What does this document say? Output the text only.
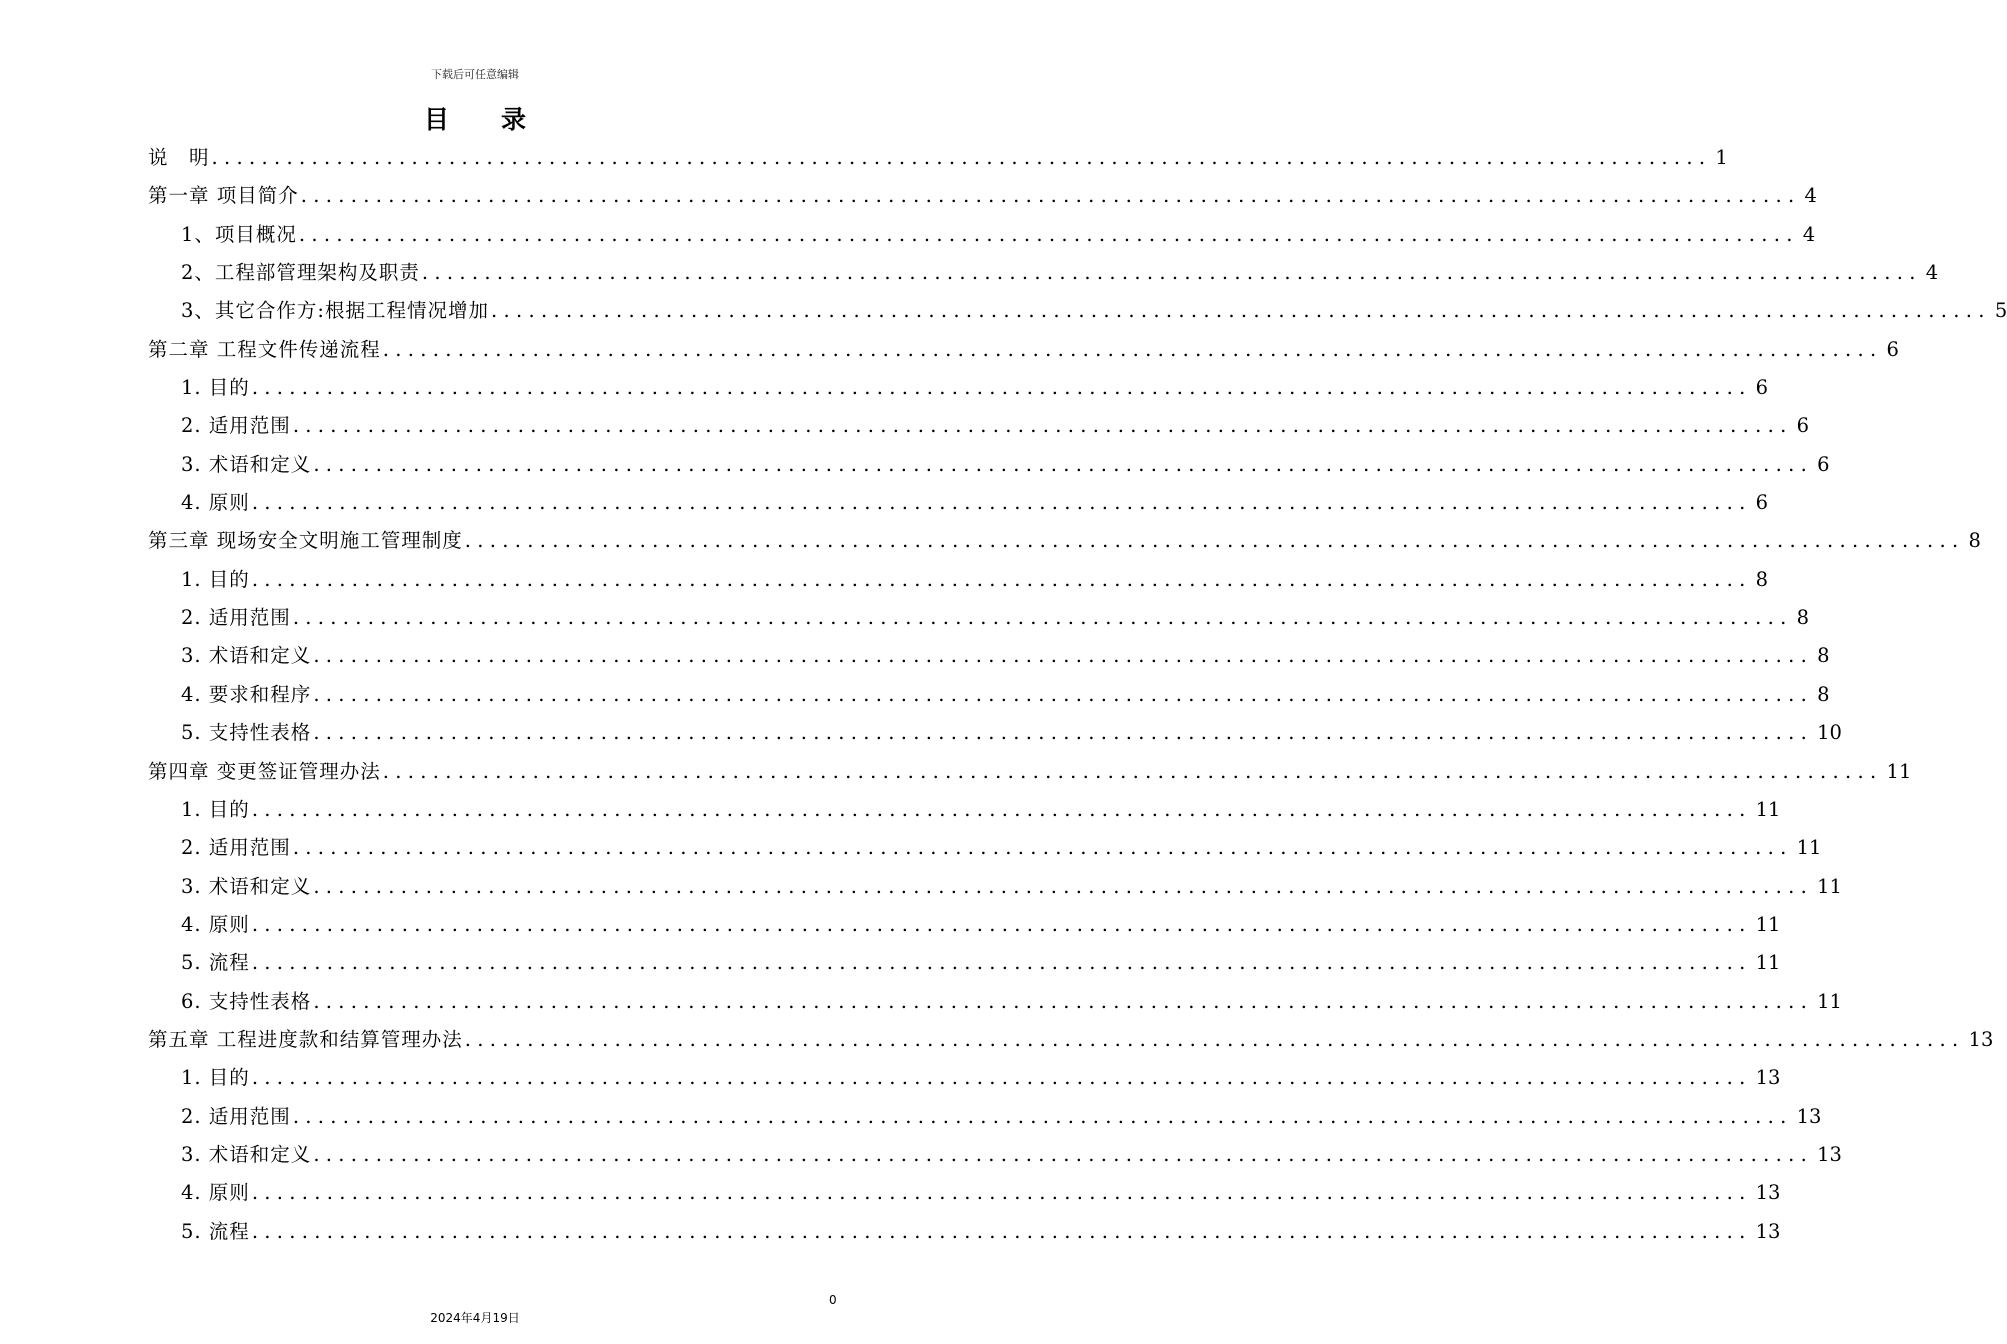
下载后可任意编辑
目录
说　明 ........................................................................................................................ 1
第一章 项目简介 ........................................................................................................................ 4
1、项目概况 ........................................................................................................................ 4
2、工程部管理架构及职责 ........................................................................................................................ 4
3、其它合作方:根据工程情况增加 ........................................................................................................................ 5
第二章 工程文件传递流程 ........................................................................................................................ 6
1. 目的 ........................................................................................................................ 6
2. 适用范围 ........................................................................................................................ 6
3. 术语和定义 ........................................................................................................................ 6
4. 原则 ........................................................................................................................ 6
第三章 现场安全文明施工管理制度 ........................................................................................................................ 8
1. 目的 ........................................................................................................................ 8
2. 适用范围 ........................................................................................................................ 8
3. 术语和定义 ........................................................................................................................ 8
4. 要求和程序 ........................................................................................................................ 8
5. 支持性表格 ........................................................................................................................ 10
第四章 变更签证管理办法 ........................................................................................................................ 11
1. 目的 ........................................................................................................................ 11
2. 适用范围 ........................................................................................................................ 11
3. 术语和定义 ........................................................................................................................ 11
4. 原则 ........................................................................................................................ 11
5. 流程 ........................................................................................................................ 11
6. 支持性表格 ........................................................................................................................ 11
第五章 工程进度款和结算管理办法 ........................................................................................................................ 13
1. 目的 ........................................................................................................................ 13
2. 适用范围 ........................................................................................................................ 13
3. 术语和定义 ........................................................................................................................ 13
4. 原则 ........................................................................................................................ 13
5. 流程 ........................................................................................................................ 13
0
2024年4月19日
